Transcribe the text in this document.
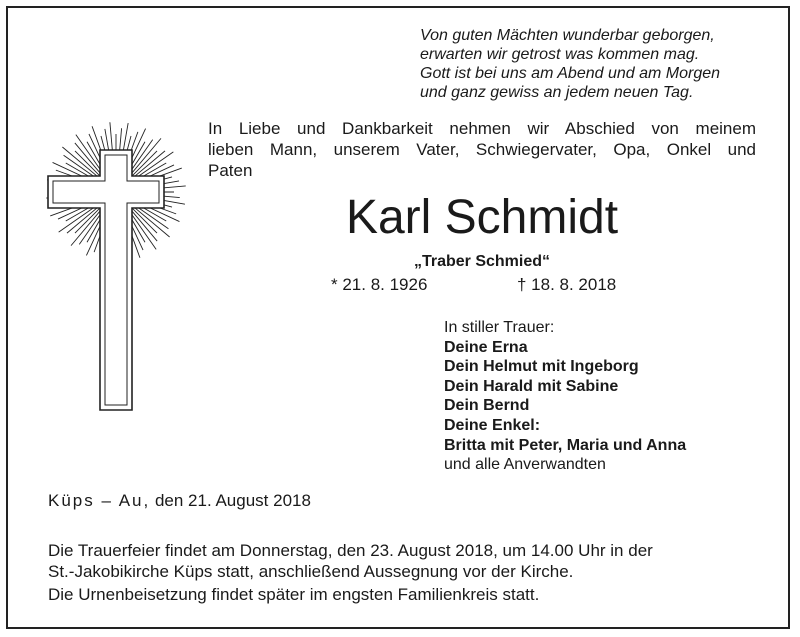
Von guten Mächten wunderbar geborgen,
erwarten wir getrost was kommen mag.
Gott ist bei uns am Abend und am Morgen
und ganz gewiss an jedem neuen Tag.
In Liebe und Dankbarkeit nehmen wir Abschied von meinem
lieben Mann, unserem Vater, Schwiegervater, Opa, Onkel und
Paten
Karl Schmidt
„Traber Schmied“
* 21. 8. 1926	† 18. 8. 2018
In stiller Trauer:
Deine Erna
Dein Helmut mit Ingeborg
Dein Harald mit Sabine
Dein Bernd
Deine Enkel:
Britta mit Peter, Maria und Anna
und alle Anverwandten
Küps – Au, den 21. August 2018
Die Trauerfeier findet am Donnerstag, den 23. August 2018, um 14.00 Uhr in der
St.-Jakobikirche Küps statt, anschließend Aussegnung vor der Kirche.
Die Urnenbeisetzung findet später im engsten Familienkreis statt.
